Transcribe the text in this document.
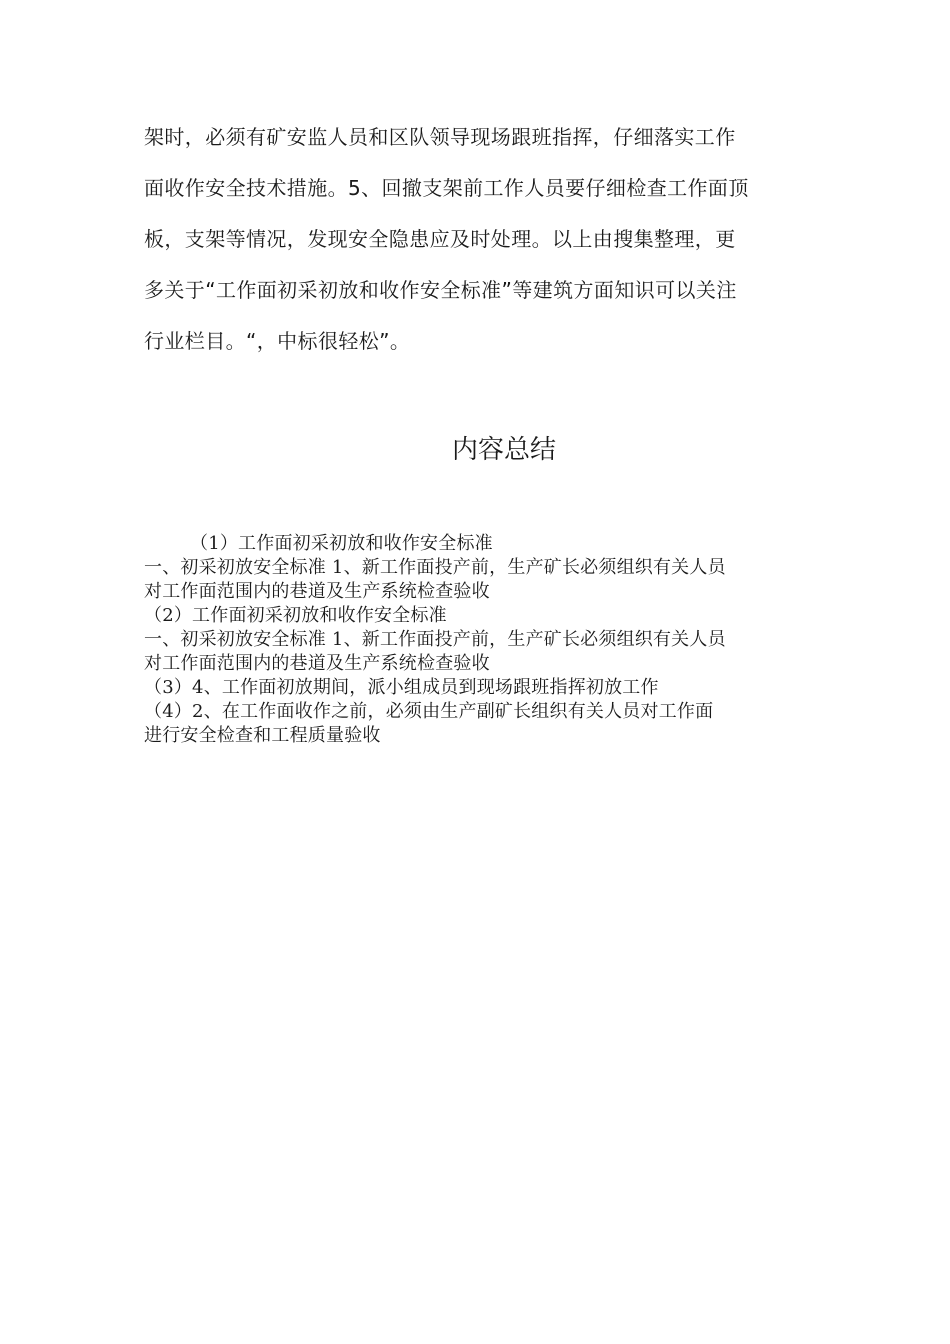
架时，必须有矿安监人员和区队领导现场跟班指挥，仔细落实工作
面收作安全技术措施。5、回撤支架前工作人员要仔细检查工作面顶
板，支架等情况，发现安全隐患应及时处理。以上由搜集整理，更
多关于“工作面初采初放和收作安全标准”等建筑方面知识可以关注
行业栏目。“，中标很轻松”。
内容总结
（1）工作面初采初放和收作安全标准
一、初采初放安全标准 1、新工作面投产前，生产矿长必须组织有关人员
对工作面范围内的巷道及生产系统检查验收
（2）工作面初采初放和收作安全标准
一、初采初放安全标准 1、新工作面投产前，生产矿长必须组织有关人员
对工作面范围内的巷道及生产系统检查验收
（3）4、工作面初放期间，派小组成员到现场跟班指挥初放工作
（4）2、在工作面收作之前，必须由生产副矿长组织有关人员对工作面
进行安全检查和工程质量验收
